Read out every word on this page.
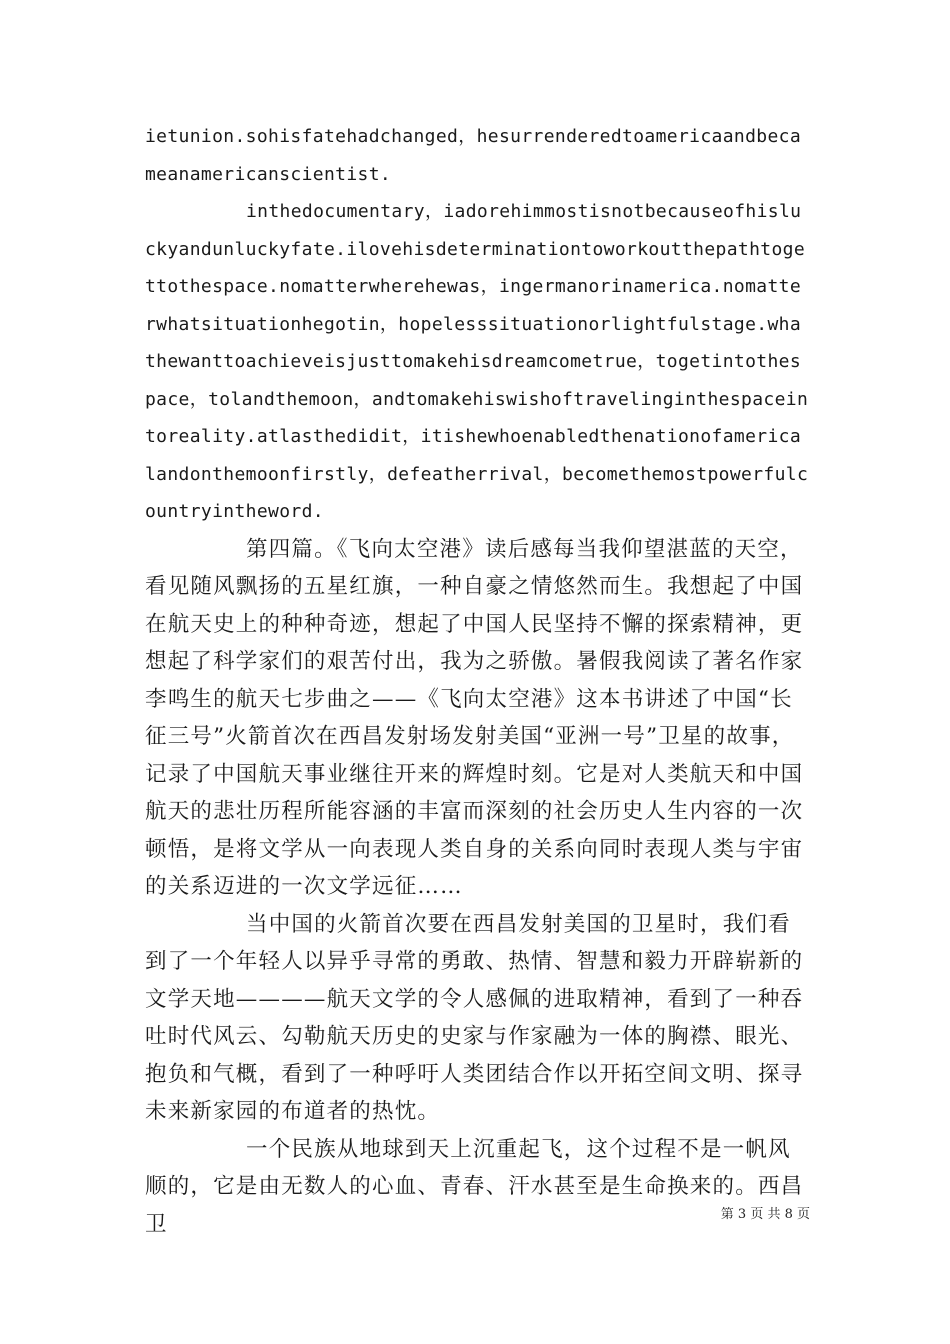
ietunion.sohisfatehadchanged，hesurrenderedtoamericaandbecameanamericanscientist.

inthedocumentary，iadorehimmostisnotbecauseofhisluckyandunluckyfate.ilovehisdeterminationtoworkoutthepathtogettothespace.nomatterwherehewas，ingermanorinamerica.nomatterwhatsituationhegotin，hopelesssituationorlightfulstage.whathewanttoachieveisjusttomakehisdreamcometrue，togetintothespace，tolandthemoon，andtomakehiswishoftravelinginthespaceintoreality.atlasthedidit，itishewhoenabledthenationofamericalandonthemoonfirstly，defeatherrival，becomethemostpowerfulcountryintheword.

第四篇。《飞向太空港》读后感每当我仰望湛蓝的天空，看见随风飘扬的五星红旗，一种自豪之情悠然而生。我想起了中国在航天史上的种种奇迹，想起了中国人民坚持不懈的探索精神，更想起了科学家们的艰苦付出，我为之骄傲。暑假我阅读了著名作家李鸣生的航天七步曲之——《飞向太空港》这本书讲述了中国“长征三号”火箭首次在西昌发射场发射美国“亚洲一号”卫星的故事，记录了中国航天事业继往开来的辉煌时刻。它是对人类航天和中国航天的悲壮历程所能容涵的丰富而深刻的社会历史人生内容的一次顿悟，是将文学从一向表现人类自身的关系向同时表现人类与宇宙的关系迈进的一次文学远征……

当中国的火箭首次要在西昌发射美国的卫星时，我们看到了一个年轻人以异乎寻常的勇敢、热情、智慧和毅力开辟崭新的文学天地————航天文学的令人感佩的进取精神，看到了一种吞吐时代风云、勾勒航天历史的史家与作家融为一体的胸襟、眼光、抱负和气概，看到了一种呼吁人类团结合作以开拓空间文明、探寻未来新家园的布道者的热忱。

一个民族从地球到天上沉重起飞，这个过程不是一帆风顺的，它是由无数人的心血、青春、汗水甚至是生命换来的。西昌卫	第 3 页 共 8 页
